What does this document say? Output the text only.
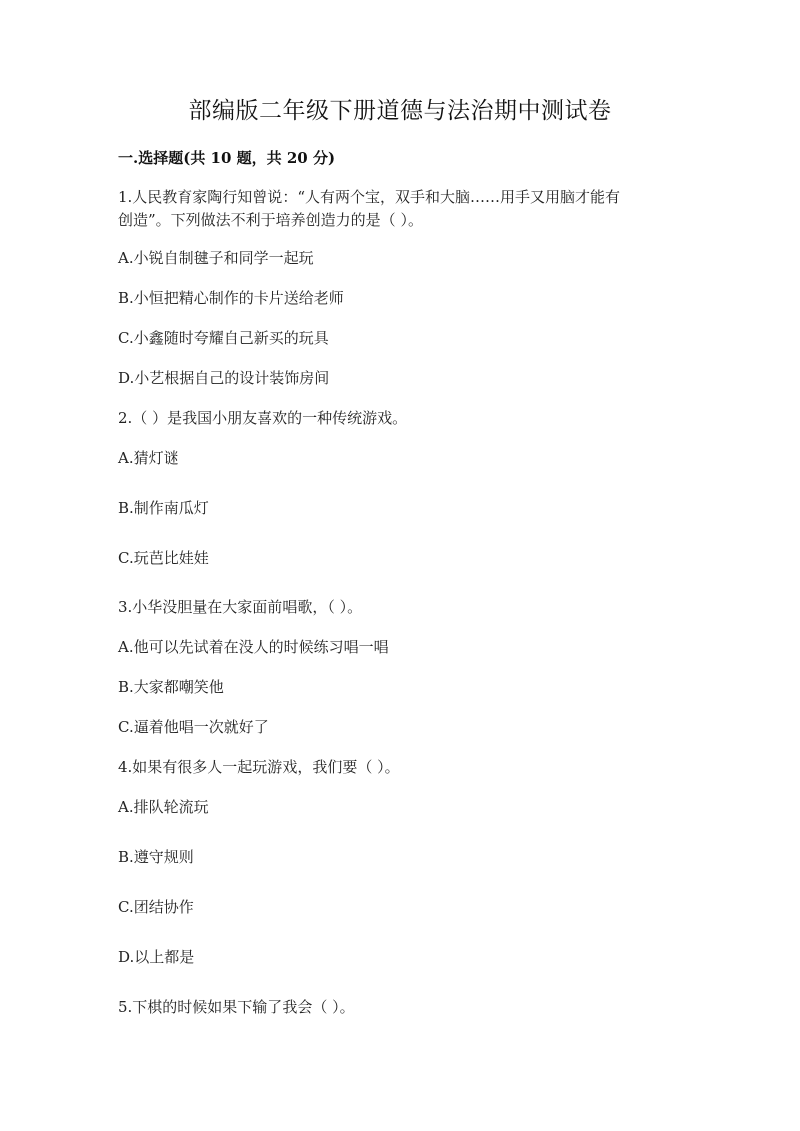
部编版二年级下册道德与法治期中测试卷
一.选择题(共 10 题，共 20 分)
1.人民教育家陶行知曾说：“人有两个宝，双手和大脑……用手又用脑才能有
创造”。下列做法不利于培养创造力的是（ ）。
A.小锐自制毽子和同学一起玩
B.小恒把精心制作的卡片送给老师
C.小鑫随时夸耀自己新买的玩具
D.小艺根据自己的设计装饰房间
2.（ ）是我国小朋友喜欢的一种传统游戏。
A.猜灯谜
B.制作南瓜灯
C.玩芭比娃娃
3.小华没胆量在大家面前唱歌，（ ）。
A.他可以先试着在没人的时候练习唱一唱
B.大家都嘲笑他
C.逼着他唱一次就好了
4.如果有很多人一起玩游戏，我们要（ ）。
A.排队轮流玩
B.遵守规则
C.团结协作
D.以上都是
5.下棋的时候如果下输了我会（ ）。
